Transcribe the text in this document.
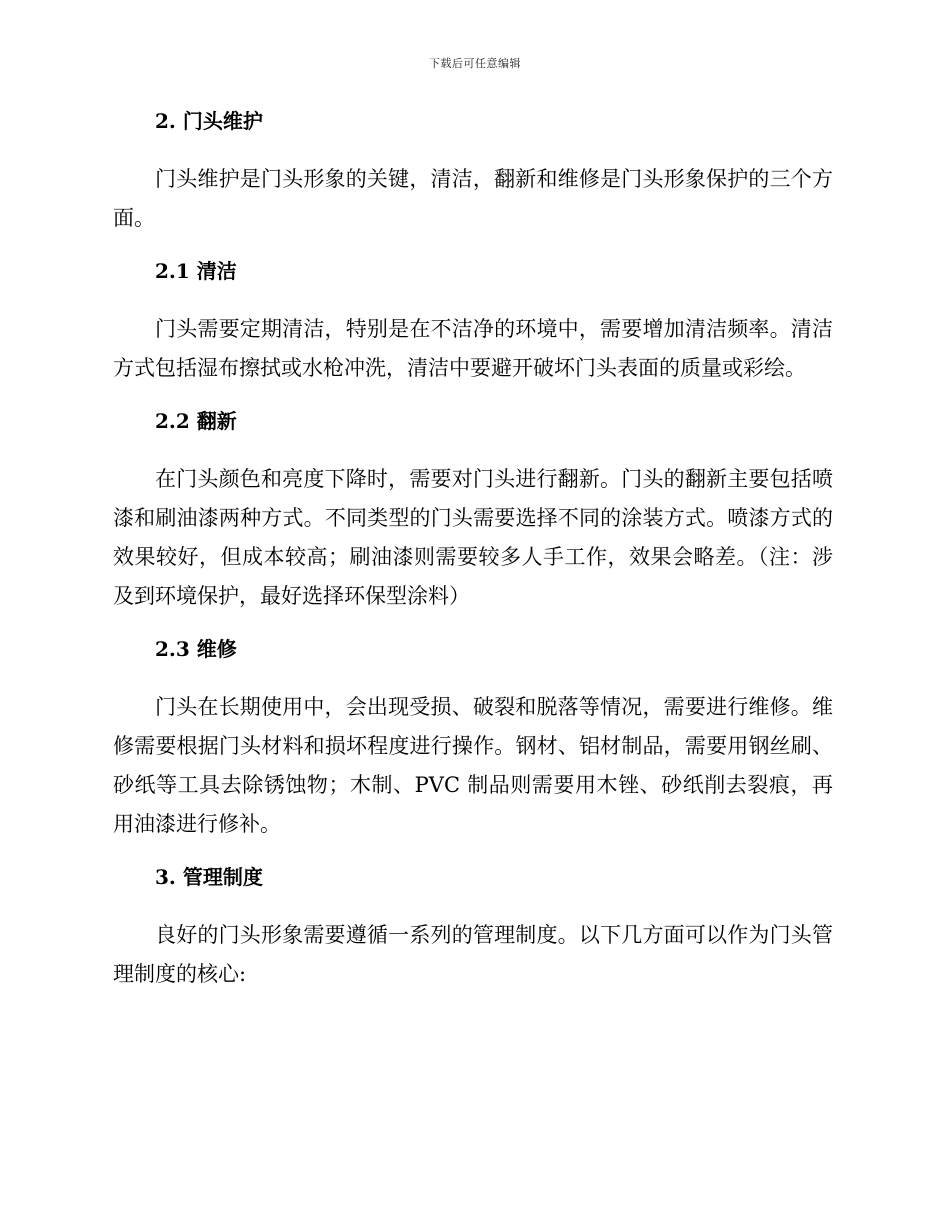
下载后可任意编辑
2. 门头维护

门头维护是门头形象的关键，清洁，翻新和维修是门头形象保护的三个方面。

2.1 清洁

门头需要定期清洁，特别是在不洁净的环境中，需要增加清洁频率。清洁方式包括湿布擦拭或水枪冲洗，清洁中要避开破坏门头表面的质量或彩绘。

2.2 翻新

在门头颜色和亮度下降时，需要对门头进行翻新。门头的翻新主要包括喷漆和刷油漆两种方式。不同类型的门头需要选择不同的涂装方式。喷漆方式的效果较好，但成本较高；刷油漆则需要较多人手工作，效果会略差。（注：涉及到环境保护，最好选择环保型涂料）

2.3 维修

门头在长期使用中，会出现受损、破裂和脱落等情况，需要进行维修。维修需要根据门头材料和损坏程度进行操作。钢材、铝材制品，需要用钢丝刷、砂纸等工具去除锈蚀物；木制、PVC 制品则需要用木锉、砂纸削去裂痕，再用油漆进行修补。

3. 管理制度

良好的门头形象需要遵循一系列的管理制度。以下几方面可以作为门头管理制度的核心:
